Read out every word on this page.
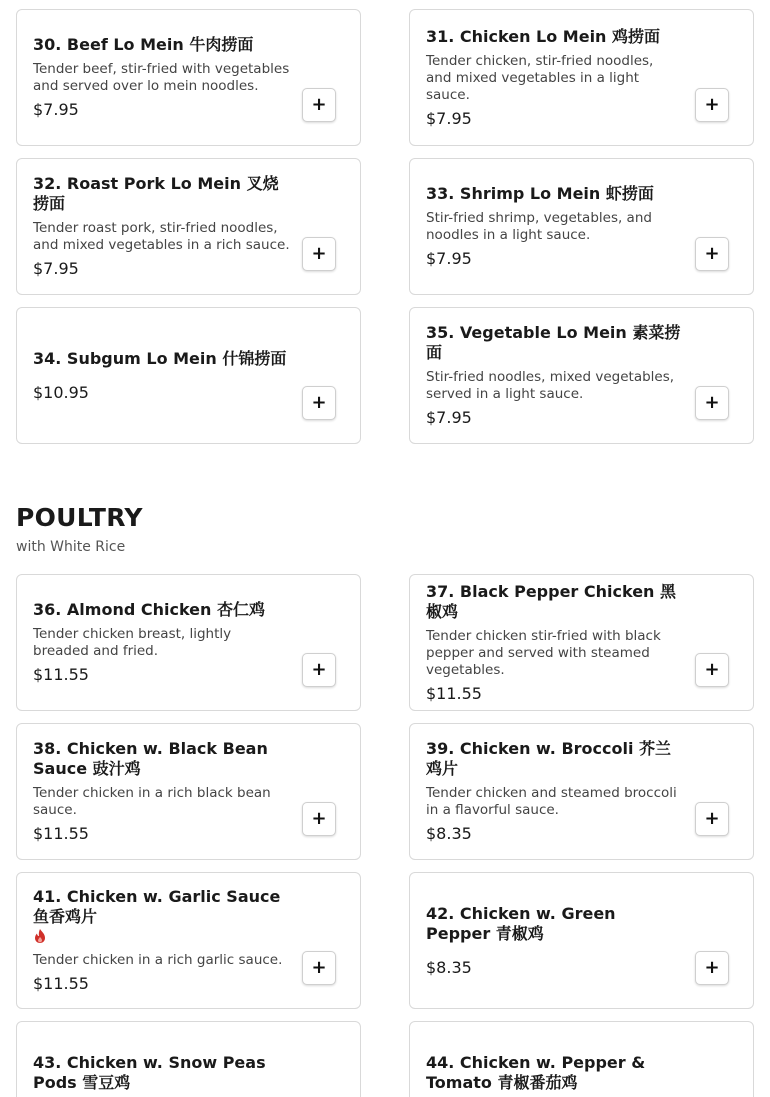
30. Beef Lo Mein 牛肉捞面
Tender beef, stir-fried with vegetables and served over lo mein noodles.
$7.95	+
31. Chicken Lo Mein 鸡捞面
Tender chicken, stir-fried noodles, and mixed vegetables in a light sauce.
$7.95
+
32. Roast Pork Lo Mein 叉烧捞面
Tender roast pork, stir-fried noodles, and mixed vegetables in a rich sauce.
$7.95
+
33. Shrimp Lo Mein 虾捞面
Stir-fried shrimp, vegetables, and noodles in a light sauce.
$7.95	+
34. Subgum Lo Mein 什锦捞面
$10.95	+
35. Vegetable Lo Mein 素菜捞面
Stir-fried noodles, mixed vegetables, served in a light sauce.
$7.95
+
POULTRY
with White Rice
36. Almond Chicken 杏仁鸡
Tender chicken breast, lightly breaded and fried.
$11.55	+
37. Black Pepper Chicken 黑椒鸡
Tender chicken stir-fried with black pepper and served with steamed vegetables.
$11.55
+
38. Chicken w. Black Bean Sauce 豉汁鸡
Tender chicken in a rich black bean sauce.
$11.55
+
39. Chicken w. Broccoli 芥兰鸡片
Tender chicken and steamed broccoli in a flavorful sauce.
$8.35
+
41. Chicken w. Garlic Sauce 鱼香鸡片
Tender chicken in a rich garlic sauce.
$11.55
+
42. Chicken w. Green Pepper 青椒鸡
$8.35	+
43. Chicken w. Snow Peas Pods 雪豆鸡
44. Chicken w. Pepper & Tomato 青椒番茄鸡
